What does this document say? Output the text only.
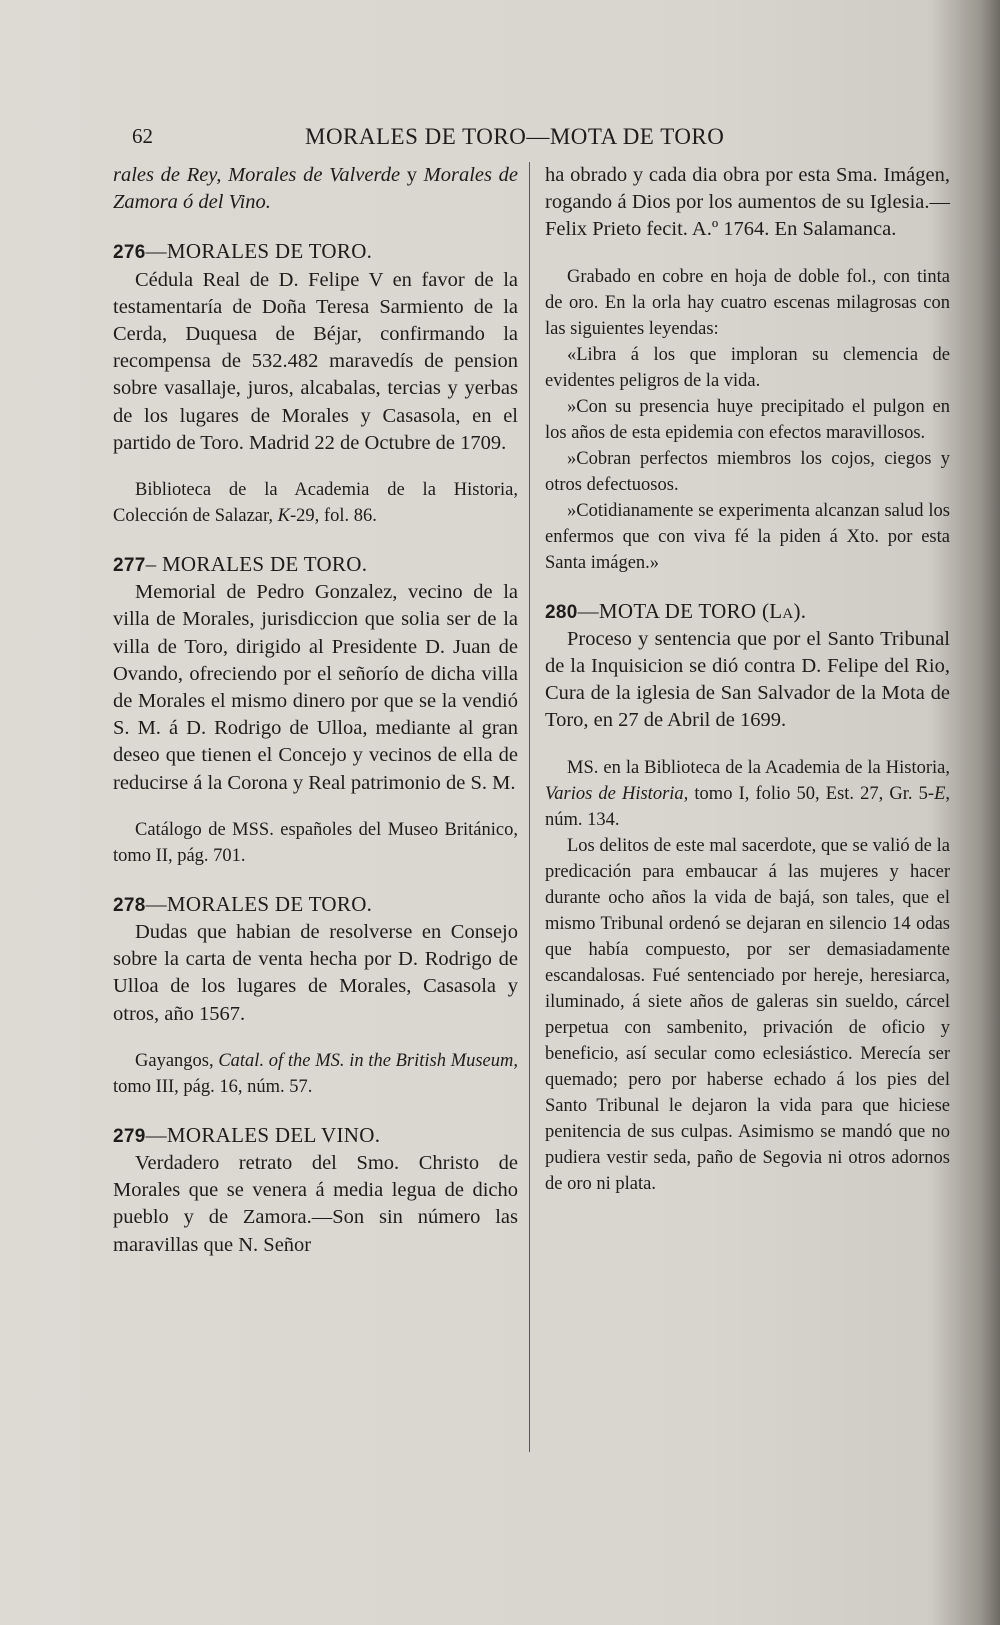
62	MORALES DE TORO—MOTA DE TORO

rales de Rey, Morales de Valverde y Morales de Zamora ó del Vino.

276—MORALES DE TORO.

Cédula Real de D. Felipe V en favor de la testamentaría de Doña Teresa Sarmiento de la Cerda, Duquesa de Béjar, confirmando la recompensa de 532.482 maravedís de pension sobre vasallaje, juros, alcabalas, tercias y yerbas de los lugares de Morales y Casasola, en el partido de Toro. Madrid 22 de Octubre de 1709.

Biblioteca de la Academia de la Historia, Colección de Salazar, K-29, fol. 86.

277– MORALES DE TORO.

Memorial de Pedro Gonzalez, vecino de la villa de Morales, jurisdiccion que solia ser de la villa de Toro, dirigido al Presidente D. Juan de Ovando, ofreciendo por el señorío de dicha villa de Morales el mismo dinero por que se la vendió S. M. á D. Rodrigo de Ulloa, mediante al gran deseo que tienen el Concejo y vecinos de ella de reducirse á la Corona y Real patrimonio de S. M.

Catálogo de MSS. españoles del Museo Británico, tomo II, pág. 701.

278—MORALES DE TORO.

Dudas que habian de resolverse en Consejo sobre la carta de venta hecha por D. Rodrigo de Ulloa de los lugares de Morales, Casasola y otros, año 1567.

Gayangos, Catal. of the MS. in the British Museum, tomo III, pág. 16, núm. 57.

279—MORALES DEL VINO.

Verdadero retrato del Smo. Christo de Morales que se venera á media legua de dicho pueblo y de Zamora.—Son sin número las maravillas que N. Señor

ha obrado y cada dia obra por esta Sma. Imágen, rogando á Dios por los aumentos de su Iglesia.—Felix Prieto fecit. A.º 1764. En Salamanca.

Grabado en cobre en hoja de doble fol., con tinta de oro. En la orla hay cuatro escenas milagrosas con las siguientes leyendas:

«Libra á los que imploran su clemencia de evidentes peligros de la vida.

»Con su presencia huye precipitado el pulgon en los años de esta epidemia con efectos maravillosos.

»Cobran perfectos miembros los cojos, ciegos y otros defectuosos.

»Cotidianamente se experimenta alcanzan salud los enfermos que con viva fé la piden á Xto. por esta Santa imágen.»

280—MOTA DE TORO (La).

Proceso y sentencia que por el Santo Tribunal de la Inquisicion se dió contra D. Felipe del Rio, Cura de la iglesia de San Salvador de la Mota de Toro, en 27 de Abril de 1699.

MS. en la Biblioteca de la Academia de la Historia, Varios de Historia, tomo I, folio 50, Est. 27, Gr. 5-E, núm. 134.

Los delitos de este mal sacerdote, que se valió de la predicación para embaucar á las mujeres y hacer durante ocho años la vida de bajá, son tales, que el mismo Tribunal ordenó se dejaran en silencio 14 odas que había compuesto, por ser demasiadamente escandalosas. Fué sentenciado por hereje, heresiarca, iluminado, á siete años de galeras sin sueldo, cárcel perpetua con sambenito, privación de oficio y beneficio, así secular como eclesiástico. Merecía ser quemado; pero por haberse echado á los pies del Santo Tribunal le dejaron la vida para que hiciese penitencia de sus culpas. Asimismo se mandó que no pudiera vestir seda, paño de Segovia ni otros adornos de oro ni plata.
